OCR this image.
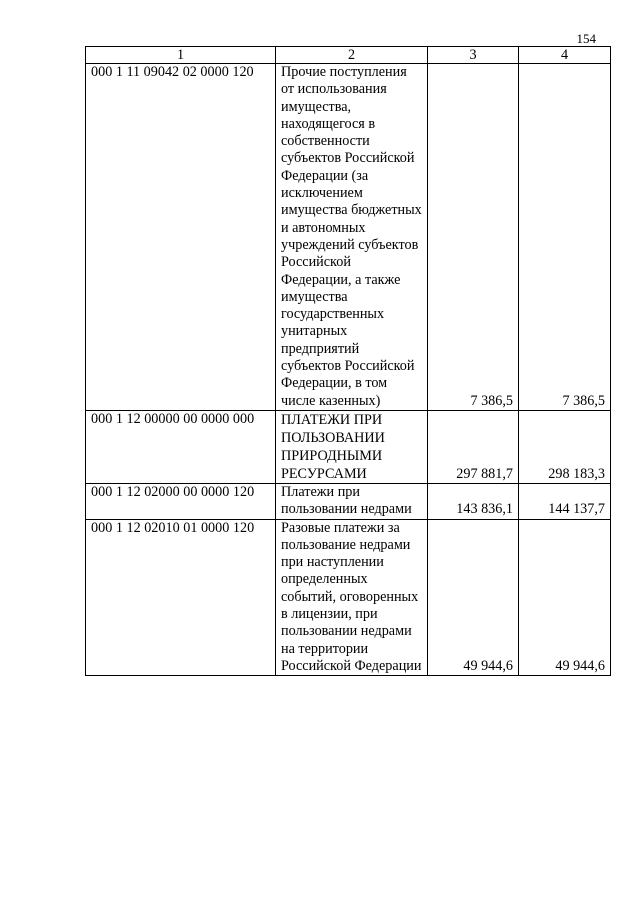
154
1	2	3	4
000 1 11 09042 02 0000 120	Прочие поступления от использования имущества, находящегося в собственности субъектов Российской Федерации (за исключением имущества бюджетных и автономных учреждений субъектов Российской Федерации, а также имущества государственных унитарных предприятий субъектов Российской Федерации, в том числе казенных)	7 386,5	7 386,5
000 1 12 00000 00 0000 000	ПЛАТЕЖИ ПРИ ПОЛЬЗОВАНИИ ПРИРОДНЫМИ РЕСУРСАМИ	297 881,7	298 183,3
000 1 12 02000 00 0000 120	Платежи при пользовании недрами	143 836,1	144 137,7
000 1 12 02010 01 0000 120	Разовые платежи за пользование недрами при наступлении определенных событий, оговоренных в лицензии, при пользовании недрами на территории Российской Федерации	49 944,6	49 944,6
